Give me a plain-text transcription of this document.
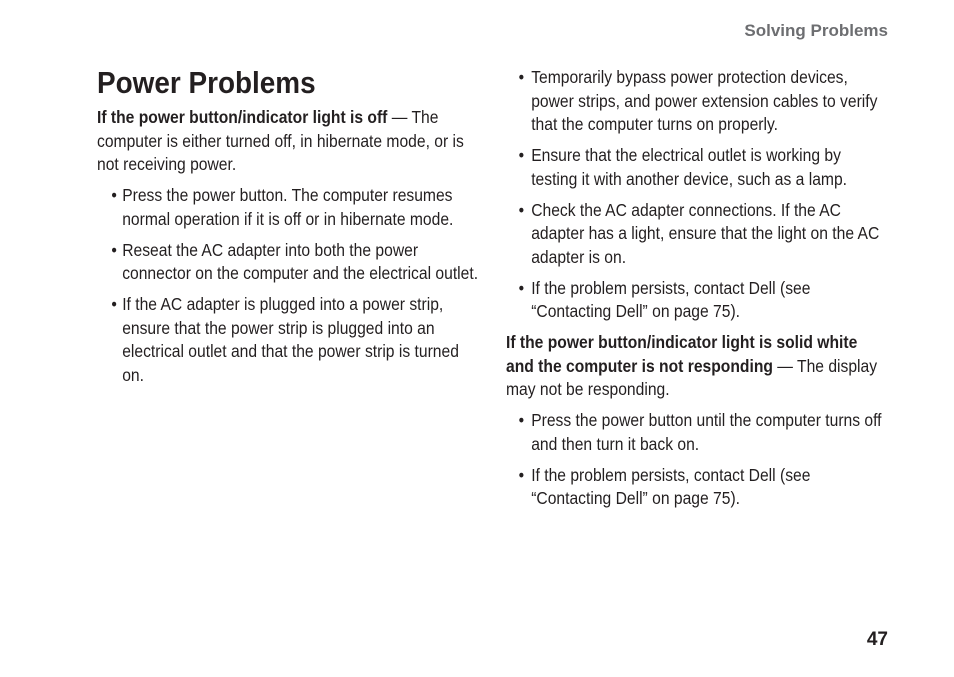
Solving Problems
Power Problems

If the power button/indicator light is off — The computer is either turned off, in hibernate mode, or is not receiving power.

• Press the power button. The computer resumes normal operation if it is off or in hibernate mode.
• Reseat the AC adapter into both the power connector on the computer and the electrical outlet.
• If the AC adapter is plugged into a power strip, ensure that the power strip is plugged into an electrical outlet and that the power strip is turned on.
• Temporarily bypass power protection devices, power strips, and power extension cables to verify that the computer turns on properly.
• Ensure that the electrical outlet is working by testing it with another device, such as a lamp.
• Check the AC adapter connections. If the AC adapter has a light, ensure that the light on the AC adapter is on.
• If the problem persists, contact Dell (see “Contacting Dell” on page 75).

If the power button/indicator light is solid white and the computer is not responding — The display may not be responding.

• Press the power button until the computer turns off and then turn it back on.
• If the problem persists, contact Dell (see “Contacting Dell” on page 75).
47
